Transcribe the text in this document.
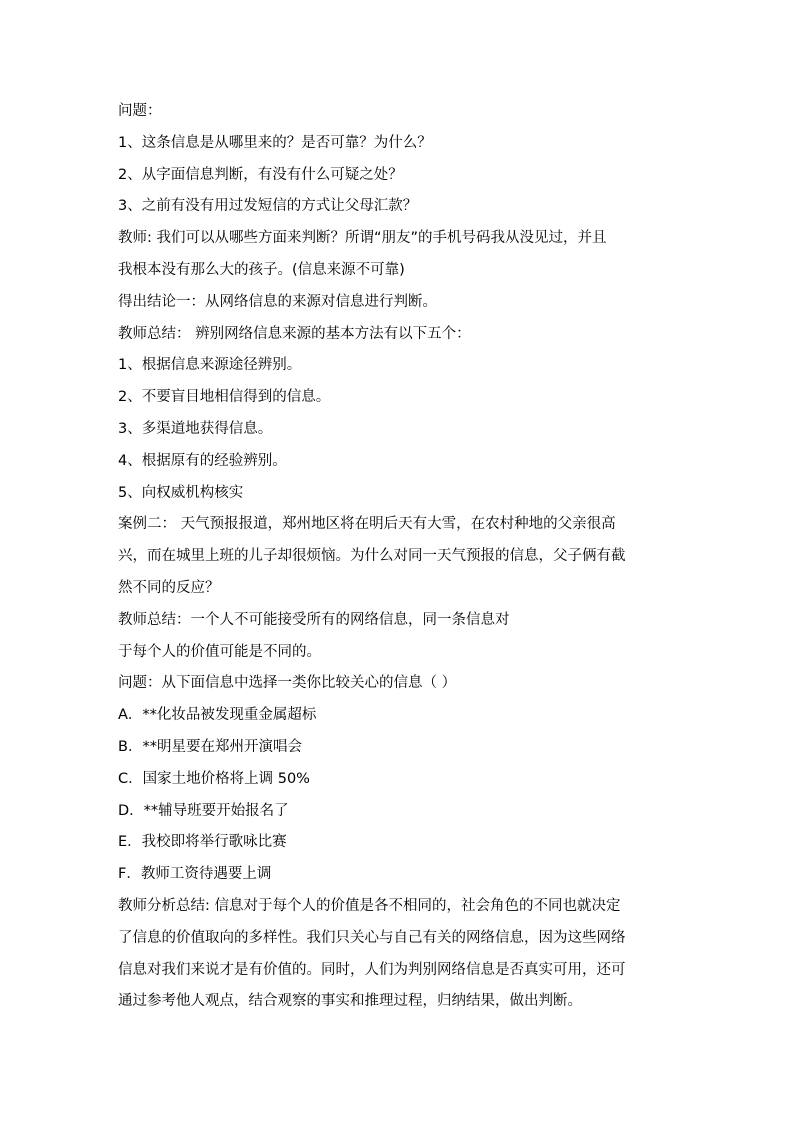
问题：

1、这条信息是从哪里来的？是否可靠？为什么？

2、从字面信息判断，有没有什么可疑之处？

3、之前有没有用过发短信的方式让父母汇款？

教师: 我们可以从哪些方面来判断？所谓“朋友”的手机号码我从没见过，并且

我根本没有那么大的孩子。(信息来源不可靠)

得出结论一：从网络信息的来源对信息进行判断。

教师总结： 辨别网络信息来源的基本方法有以下五个：

1、根据信息来源途径辨别。

2、不要盲目地相信得到的信息。

3、多渠道地获得信息。

4、根据原有的经验辨别。

5、向权威机构核实

案例二： 天气预报报道，郑州地区将在明后天有大雪，在农村种地的父亲很高

兴，而在城里上班的儿子却很烦恼。为什么对同一天气预报的信息，父子俩有截

然不同的反应？

教师总结：一个人不可能接受所有的网络信息，同一条信息对

于每个人的价值可能是不同的。

问题：从下面信息中选择一类你比较关心的信息（ ）

A．**化妆品被发现重金属超标

B．**明星要在郑州开演唱会

C．国家土地价格将上调 50%

D．**辅导班要开始报名了

E．我校即将举行歌咏比赛

F．教师工资待遇要上调

教师分析总结: 信息对于每个人的价值是各不相同的，社会角色的不同也就决定

了信息的价值取向的多样性。我们只关心与自己有关的网络信息，因为这些网络

信息对我们来说才是有价值的。同时，人们为判别网络信息是否真实可用，还可

通过参考他人观点，结合观察的事实和推理过程，归纳结果，做出判断。
